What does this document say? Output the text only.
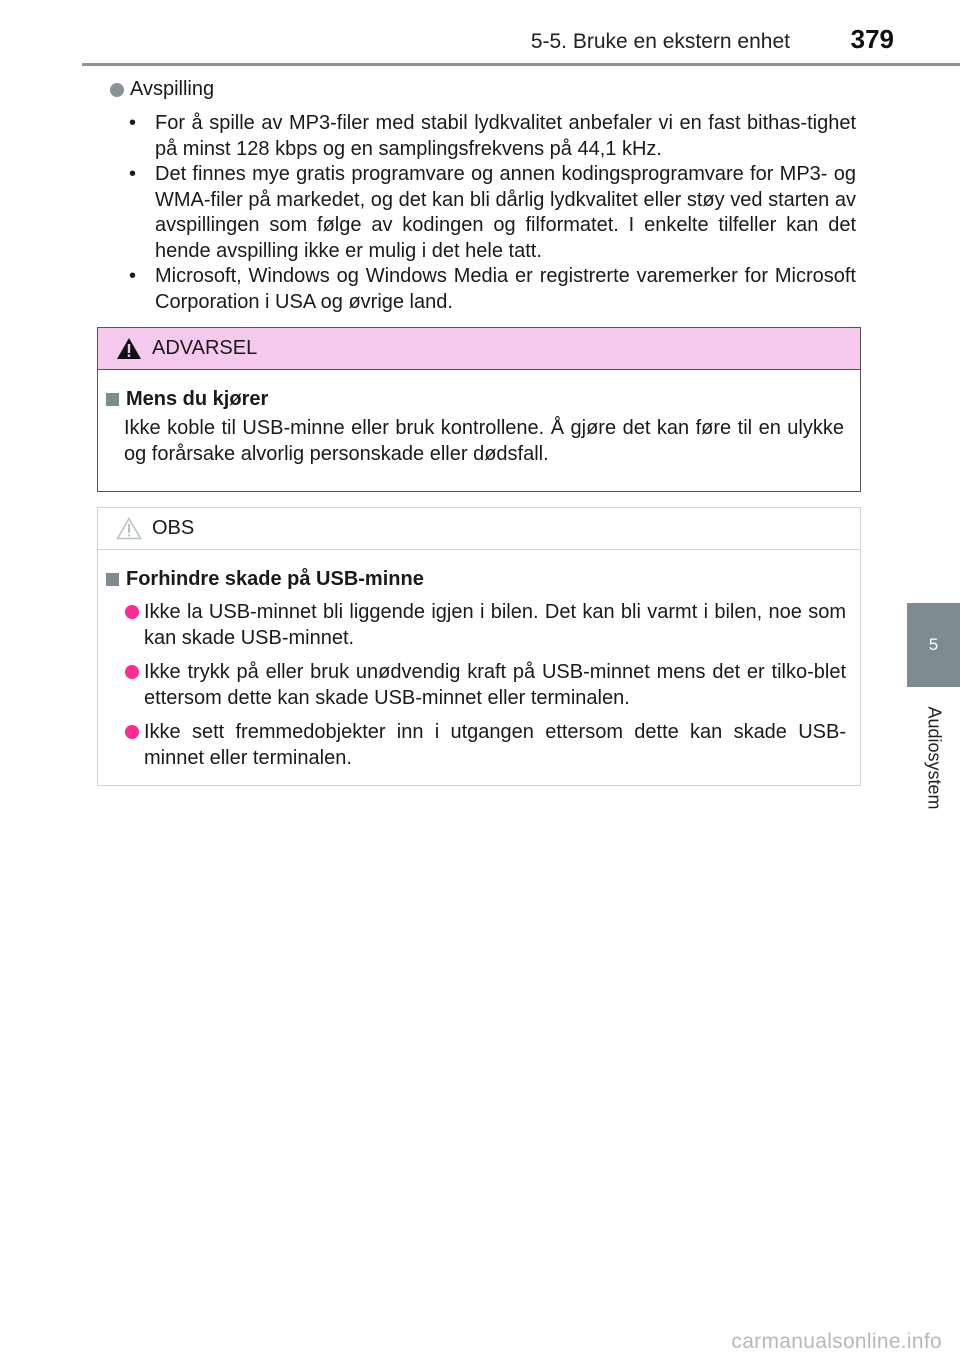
5-5. Bruke en ekstern enhet 379
5
Audiosystem
Avspilling
• For å spille av MP3-filer med stabil lydkvalitet anbefaler vi en fast bithas-tighet på minst 128 kbps og en samplingsfrekvens på 44,1 kHz.
• Det finnes mye gratis programvare og annen kodingsprogramvare for MP3- og WMA-filer på markedet, og det kan bli dårlig lydkvalitet eller støy ved starten av avspillingen som følge av kodingen og filformatet. I enkelte tilfeller kan det hende avspilling ikke er mulig i det hele tatt.
• Microsoft, Windows og Windows Media er registrerte varemerker for Microsoft Corporation i USA og øvrige land.
ADVARSEL
Mens du kjører
Ikke koble til USB-minne eller bruk kontrollene. Å gjøre det kan føre til en ulykke og forårsake alvorlig personskade eller dødsfall.
OBS
Forhindre skade på USB-minne
Ikke la USB-minnet bli liggende igjen i bilen. Det kan bli varmt i bilen, noe som kan skade USB-minnet.
Ikke trykk på eller bruk unødvendig kraft på USB-minnet mens det er tilko-blet ettersom dette kan skade USB-minnet eller terminalen.
Ikke sett fremmedobjekter inn i utgangen ettersom dette kan skade USB-minnet eller terminalen.
carmanualsonline.info
